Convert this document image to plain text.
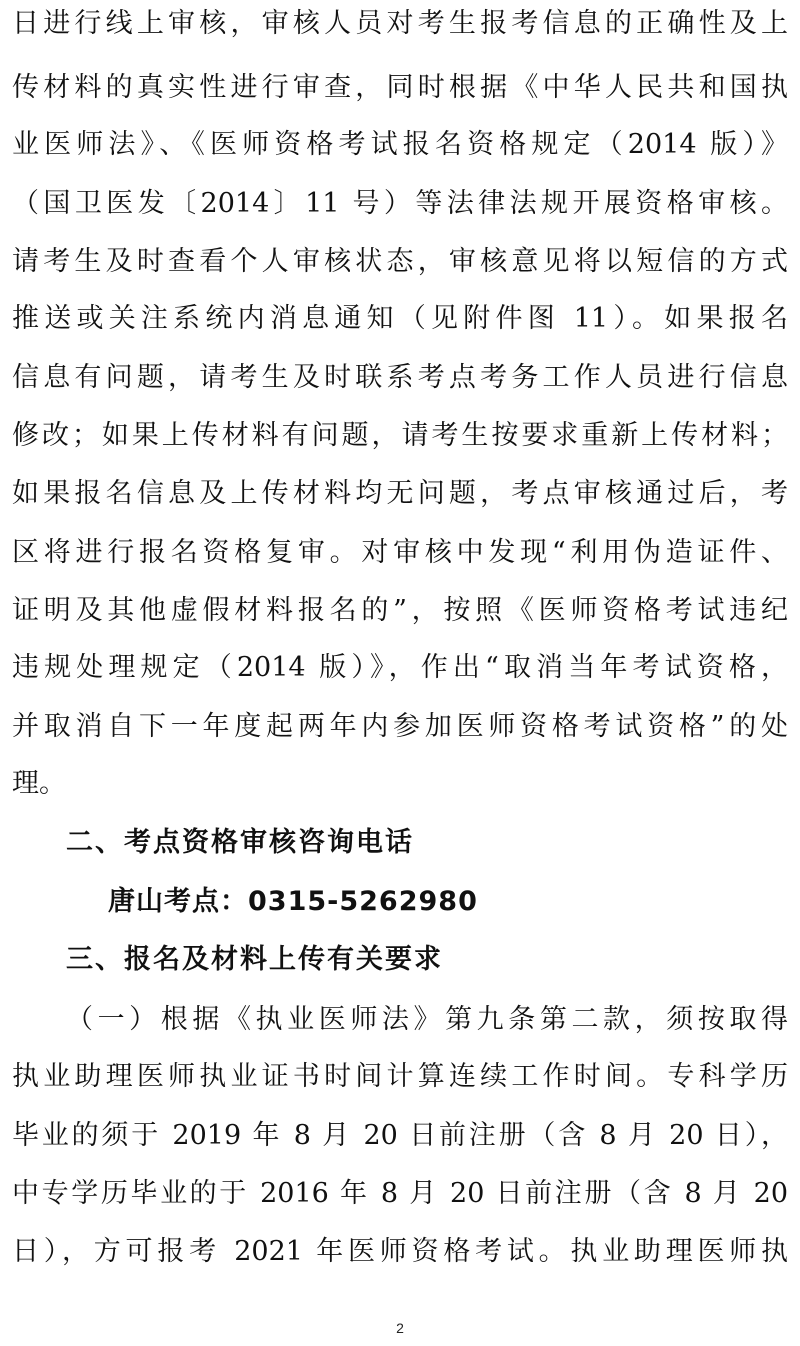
日进行线上审核，审核人员对考生报考信息的正确性及上
传材料的真实性进行审查，同时根据《中华人民共和国执
业医师法》、《医师资格考试报名资格规定（2014 版）》
（国卫医发〔2014〕11 号）等法律法规开展资格审核。
请考生及时查看个人审核状态，审核意见将以短信的方式
推送或关注系统内消息通知（见附件图 11）。如果报名
信息有问题，请考生及时联系考点考务工作人员进行信息
修改；如果上传材料有问题，请考生按要求重新上传材料；
如果报名信息及上传材料均无问题，考点审核通过后，考
区将进行报名资格复审。对审核中发现“利用伪造证件、
证明及其他虚假材料报名的”，按照《医师资格考试违纪
违规处理规定（2014 版）》，作出“取消当年考试资格，
并取消自下一年度起两年内参加医师资格考试资格”的处
理。
二、考点资格审核咨询电话
唐山考点：0315-5262980
三、报名及材料上传有关要求
（一）根据《执业医师法》第九条第二款，须按取得
执业助理医师执业证书时间计算连续工作时间。专科学历
毕业的须于 2019 年 8 月 20 日前注册（含 8 月 20 日），
中专学历毕业的于 2016 年 8 月 20 日前注册（含 8 月 20
日），方可报考 2021 年医师资格考试。执业助理医师执
2
